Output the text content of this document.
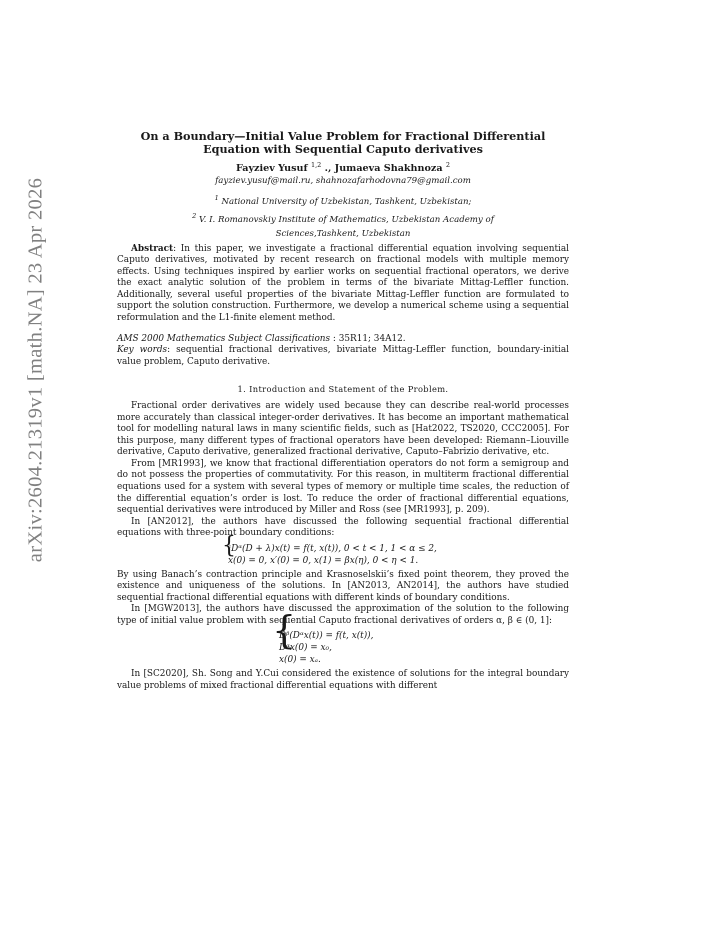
arXiv:2604.21319v1 [math.NA] 23 Apr 2026
On a Boundary—Initial Value Problem for Fractional Differential
Equation with Sequential Caputo derivatives
Fayziev Yusuf $^{1,2}$ ., Jumaeva Shakhnoza $^2$
fayziev.yusuf@mail.ru, shahnozafarhodovna79@gmail.com
$^1$ National University of Uzbekistan, Tashkent, Uzbekistan;
$^2$ V. I. Romanovskiy Institute of Mathematics, Uzbekistan Academy of
Sciences,Tashkent, Uzbekistan

Abstract: In this paper, we investigate a fractional differential equation involving sequential Caputo derivatives, motivated by recent research on fractional models with multiple memory effects. Using techniques inspired by earlier works on sequential fractional operators, we derive the exact analytic solution of the problem in terms of the bivariate Mittag-Leffler function. Additionally, several useful properties of the bivariate Mittag-Leffler function are formulated to support the solution construction. Furthermore, we develop a numerical scheme using a sequential reformulation and the L1-finite element method.

AMS 2000 Mathematics Subject Classifications : 35R11; 34A12.

Key words: sequential fractional derivatives, bivariate Mittag-Leffler function, boundary-initial value problem, Caputo derivative.

1. Introduction and Statement of the Problem.

Fractional order derivatives are widely used because they can describe real-world processes more accurately than classical integer-order derivatives. It has become an important mathematical tool for modelling natural laws in many scientific fields, such as [Hat2022, TS2020, CCC2005]. For this purpose, many different types of fractional operators have been developed: Riemann–Liouville derivative, Caputo derivative, generalized fractional derivative, Caputo–Fabrizio derivative, etc.

From [MR1993], we know that fractional differentiation operators do not form a semigroup and do not possess the properties of commutativity. For this reason, in multiterm fractional differential equations used for a system with several types of memory or multiple time scales, the reduction of the differential equation’s order is lost. To reduce the order of fractional differential equations, sequential derivatives were introduced by Miller and Ross (see [MR1993], p. 209).

In [AN2012], the authors have discussed the following sequential fractional differential equations with three-point boundary conditions:

{
ᶜDᵅ(D + λ)x(t) = f(t, x(t)), 0 < t < 1, 1 < α ≤ 2,
x(0) = 0, x′(0) = 0, x(1) = βx(η), 0 < η < 1.

By using Banach’s contraction principle and Krasnoselskii’s fixed point theorem, they proved the existence and uniqueness of the solutions. In [AN2013, AN2014], the authors have studied sequential fractional differential equations with different kinds of boundary conditions.

In [MGW2013], the authors have discussed the approximation of the solution to the following type of initial value problem with sequential Caputo fractional derivatives of orders α, β ∈ (0, 1]:

{
Dᵝ(Dᵅx(t)) = f(t, x(t)),
Dᵅx(0) = x₀,
x(0) = xₐ.

In [SC2020], Sh. Song and Y.Cui considered the existence of solutions for the integral boundary value problems of mixed fractional differential equations with different
